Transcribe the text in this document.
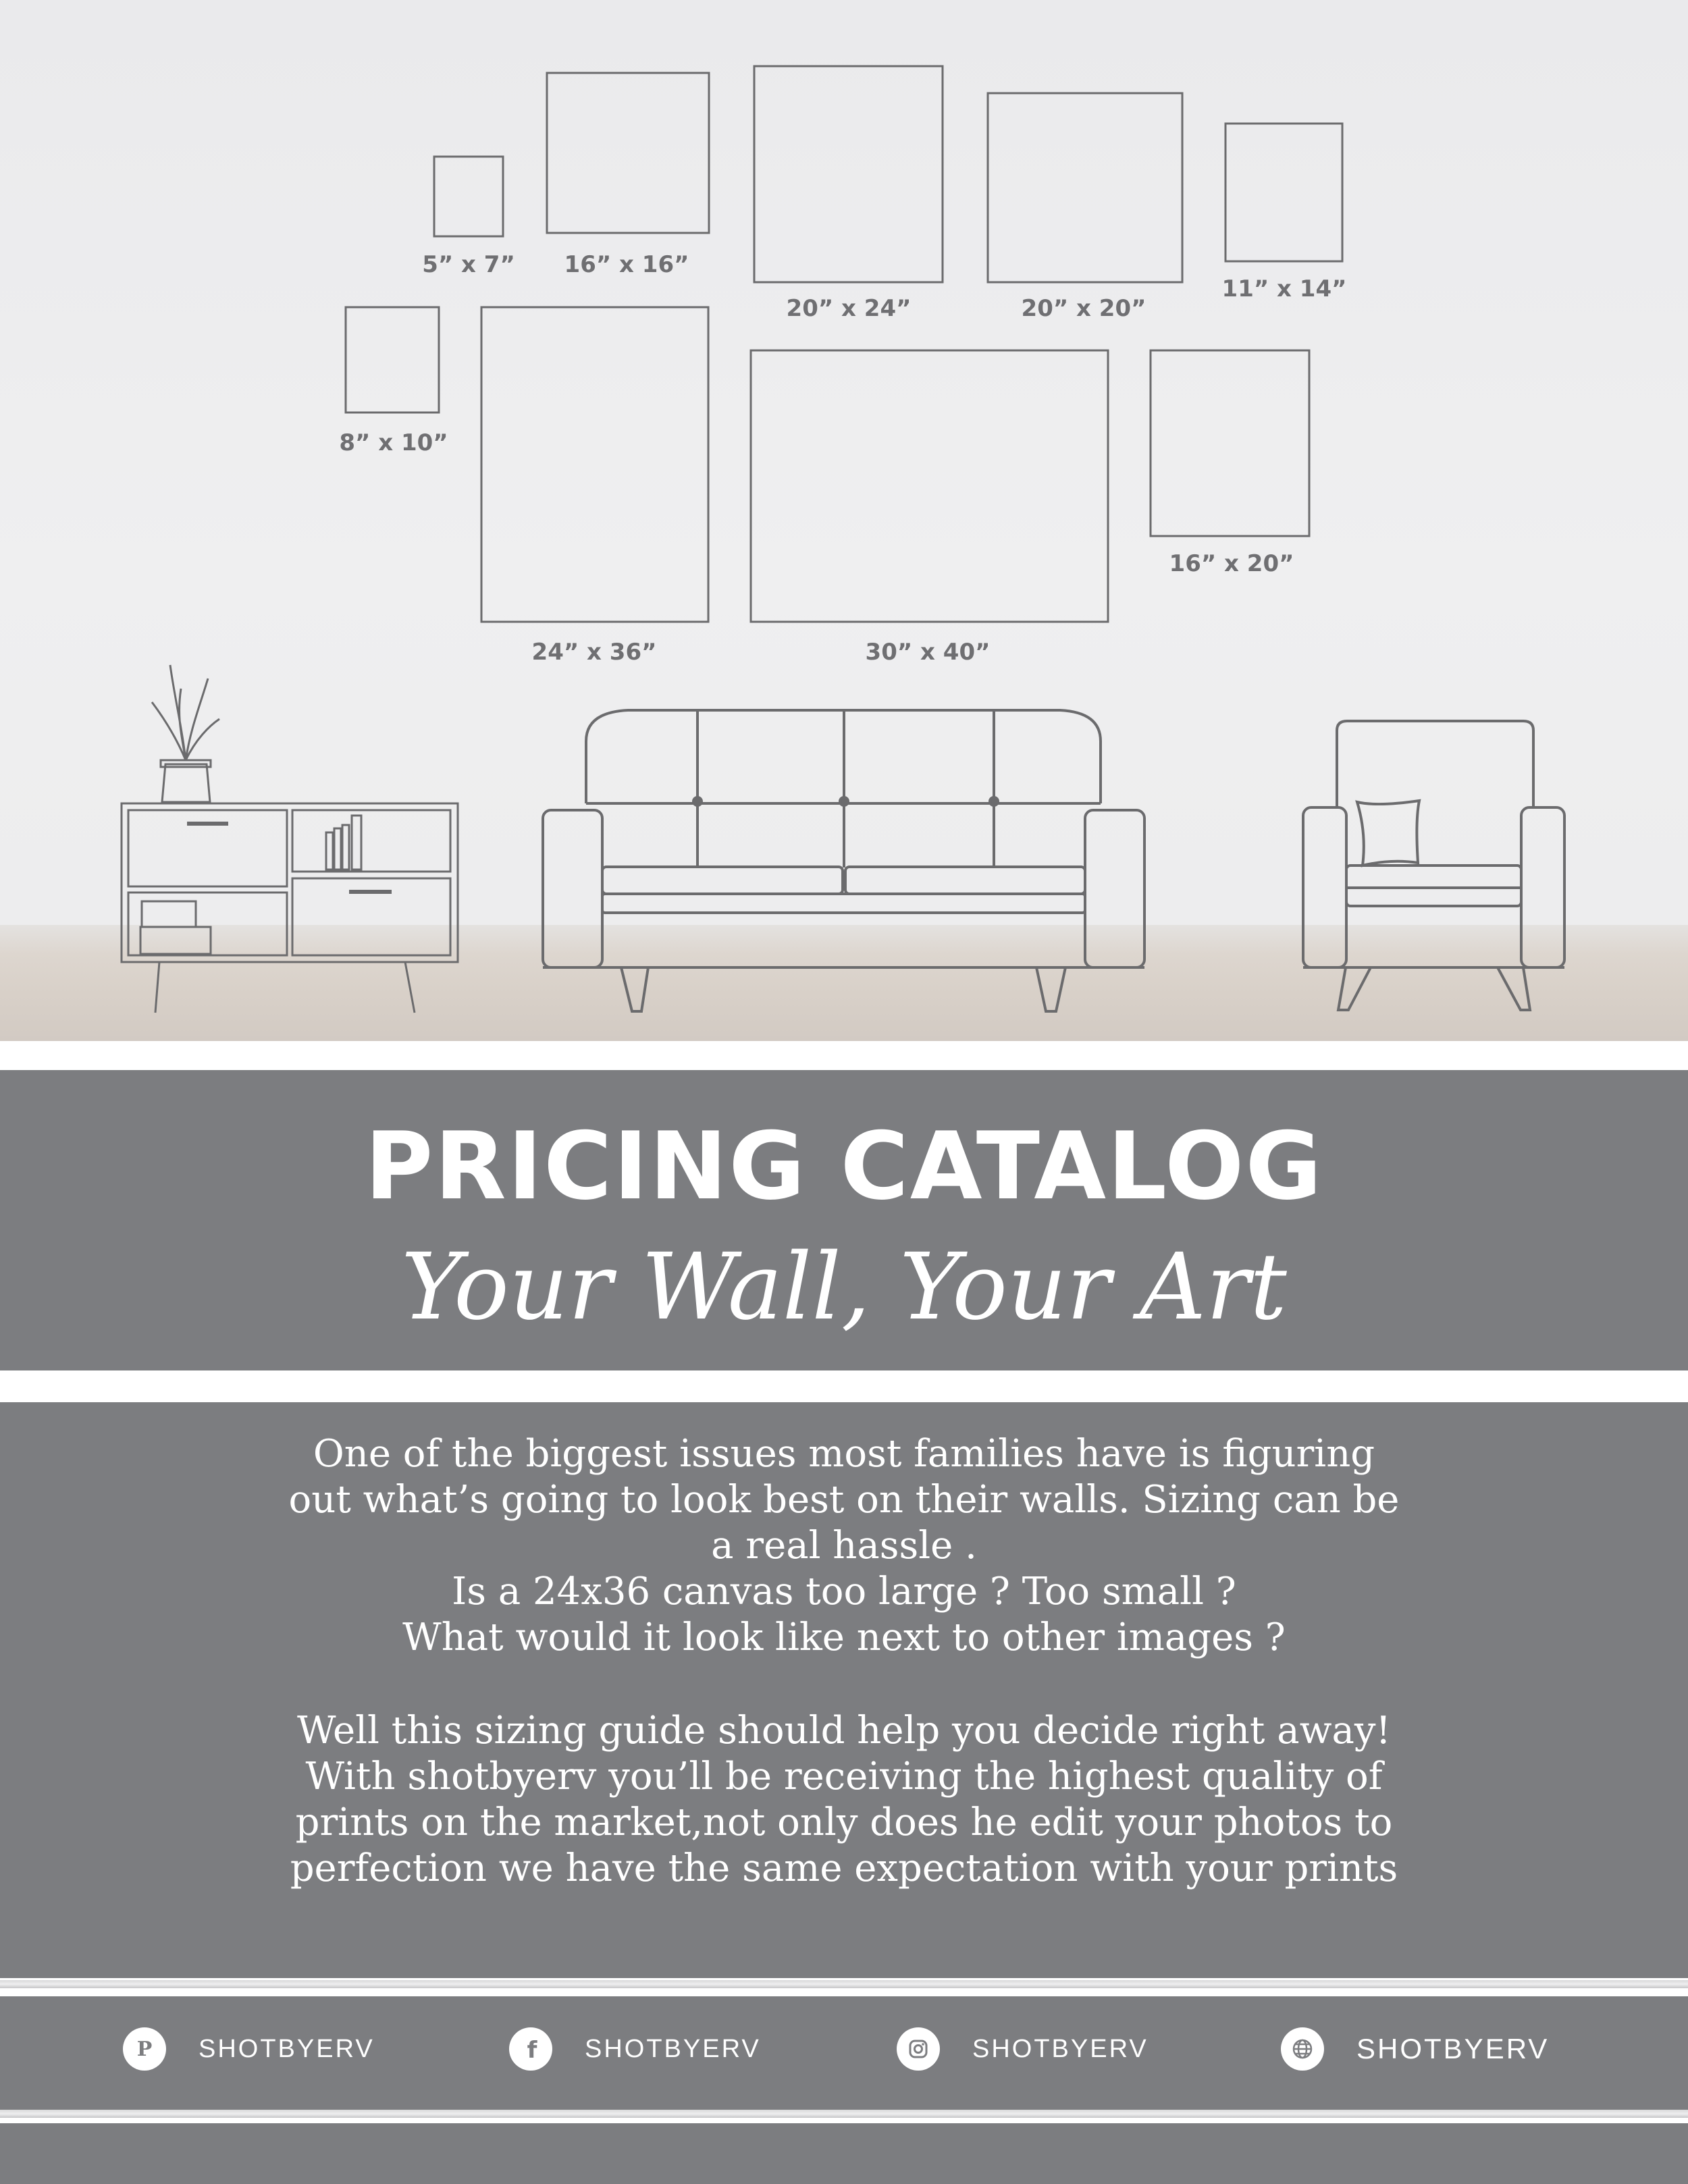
5” x 7” 16” x 16”
20” x 24”	20” x 20”
11” x 14”
8” x 10”
24” x 36”	30” x 40”
16” x 20”
PRICING CATALOG
Your Wall, Your Art
One of the biggest issues most families have is figuring out what’s going to look best on their walls. Sizing can be a real hassle .
Is a 24x36 canvas too large ? Too small ?
What would it look like next to other images ?
Well this sizing guide should help you decide right away! With shotbyerv you’ll be receiving the highest quality of prints on the market,not only does he edit your photos to perfection we have the same expectation with your prints
P SHOTBYERV	f SHOTBYERV	SHOTBYERV	SHOTBYERV
